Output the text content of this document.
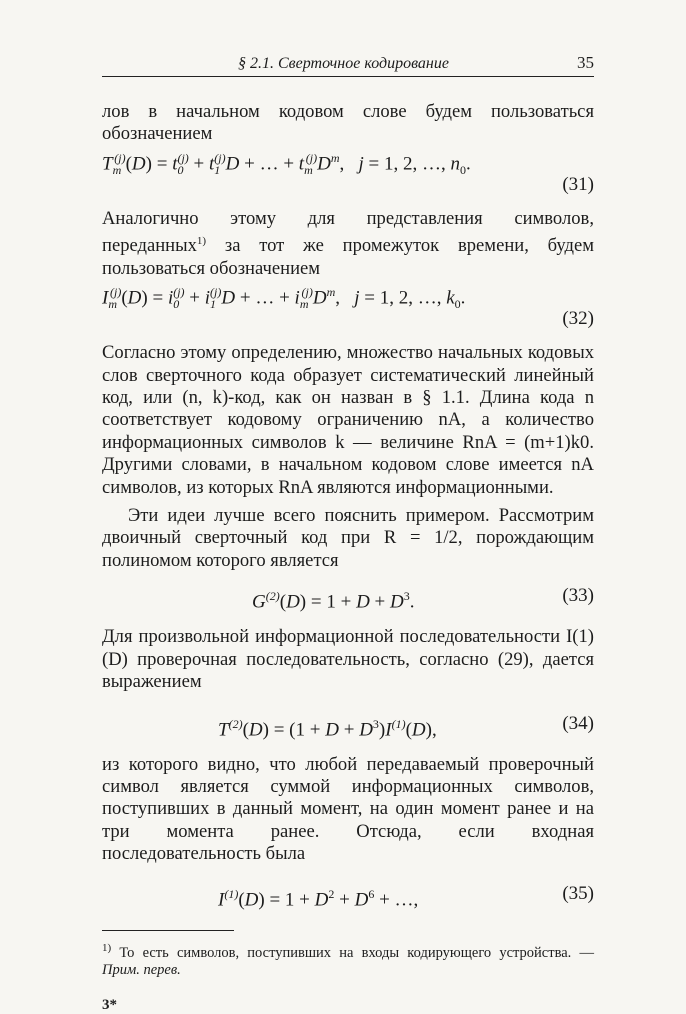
§ 2.1. Сверточное кодирование	35

лов в начальном кодовом слове будем пользоваться обозначением

$T_m^{(j)}(D) = t_0^{(j)} + t_1^{(j)}D$ + … + $t_m^{(j)}D^m$,   j = 1, 2, …, $n_0$.
(31)

Аналогично этому для представления символов, переданных$^{1)}$ за тот же промежуток времени, будем пользоваться обозначением

$I_m^{(j)}(D) = i_0^{(j)} + i_1^{(j)}D$ + … + $i_m^{(j)}D^m$,   j = 1, 2, …, $k_0$.
(32)

Согласно этому определению, множество начальных кодовых слов сверточного кода образует систематический линейный код, или (n, k)-код, как он назван в § 1.1. Длина кода n соответствует кодовому ограничению nA, а количество информационных символов k — величине RnA = (m+1)k0. Другими словами, в начальном кодовом слове имеется nA символов, из которых RnA являются информационными.

Эти идеи лучше всего пояснить примером. Рассмотрим двоичный сверточный код при R = 1/2, порождающим полиномом которого является

$G^{(2)}(D) = 1 + D + D^3$.	(33)

Для произвольной информационной последовательности I(1)(D) проверочная последовательность, согласно (29), дается выражением

$T^{(2)}(D) = (1 + D + D^3)I^{(1)}(D)$,	(34)

из которого видно, что любой передаваемый проверочный символ является суммой информационных символов, поступивших в данный момент, на один момент ранее и на три момента ранее. Отсюда, если входная последовательность была

$I^{(1)}(D) = 1 + D^2 + D^6$ + …,	(35)

$^{1)}$ То есть символов, поступивших на входы кодирующего устройства. — Прим. перев.

3*
